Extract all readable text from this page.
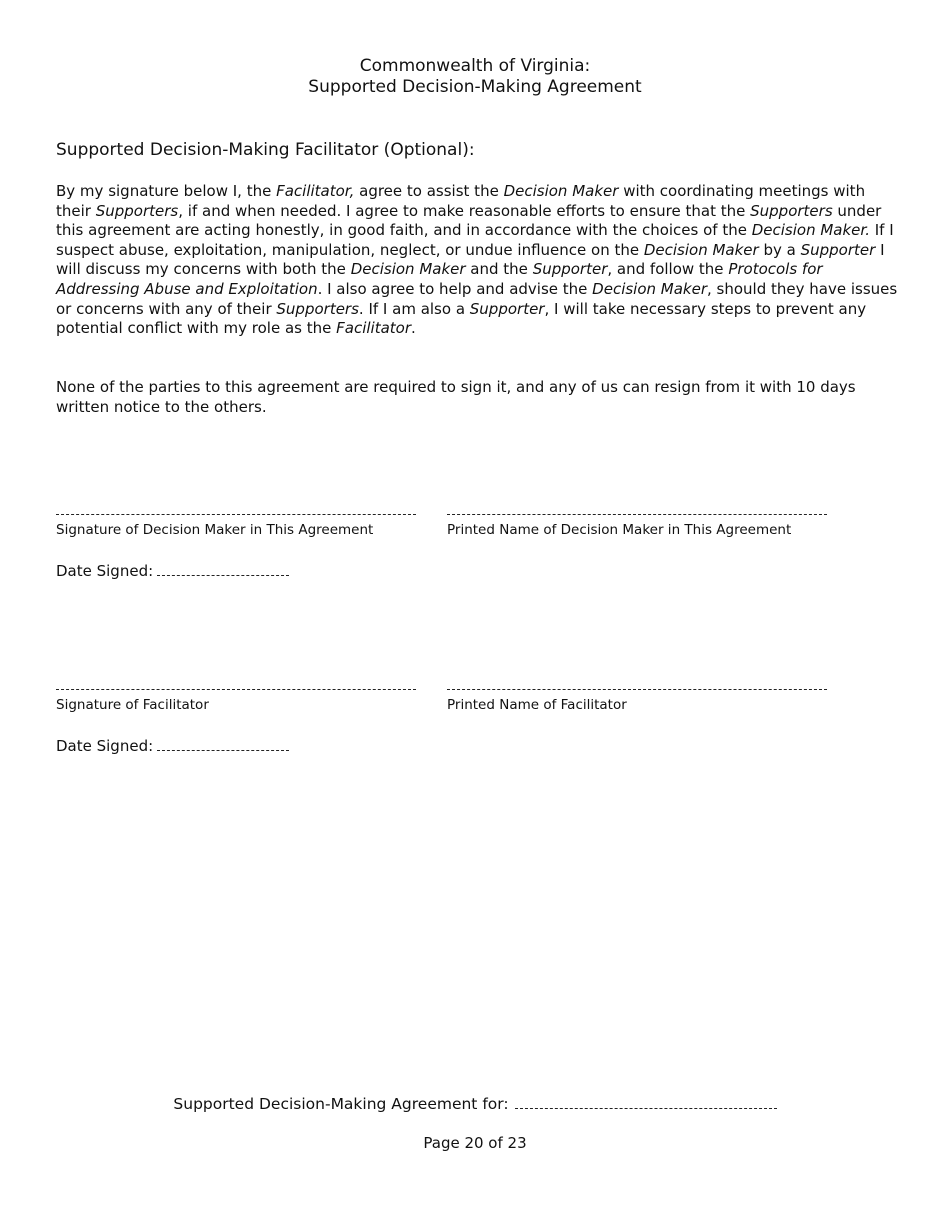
Commonwealth of Virginia:
Supported Decision-Making Agreement
Supported Decision-Making Facilitator (Optional):
By my signature below I, the Facilitator, agree to assist the Decision Maker with coordinating meetings with their Supporters, if and when needed. I agree to make reasonable efforts to ensure that the Supporters under this agreement are acting honestly, in good faith, and in accordance with the choices of the Decision Maker. If I suspect abuse, exploitation, manipulation, neglect, or undue influence on the Decision Maker by a Supporter I will discuss my concerns with both the Decision Maker and the Supporter, and follow the Protocols for Addressing Abuse and Exploitation. I also agree to help and advise the Decision Maker, should they have issues or concerns with any of their Supporters. If I am also a Supporter, I will take necessary steps to prevent any potential conflict with my role as the Facilitator.
None of the parties to this agreement are required to sign it, and any of us can resign from it with 10 days written notice to the others.
Signature of Decision Maker in This Agreement	Printed Name of Decision Maker in This Agreement
Date Signed:
Signature of Facilitator	Printed Name of Facilitator
Date Signed:
Supported Decision-Making Agreement for:
Page 20 of 23
